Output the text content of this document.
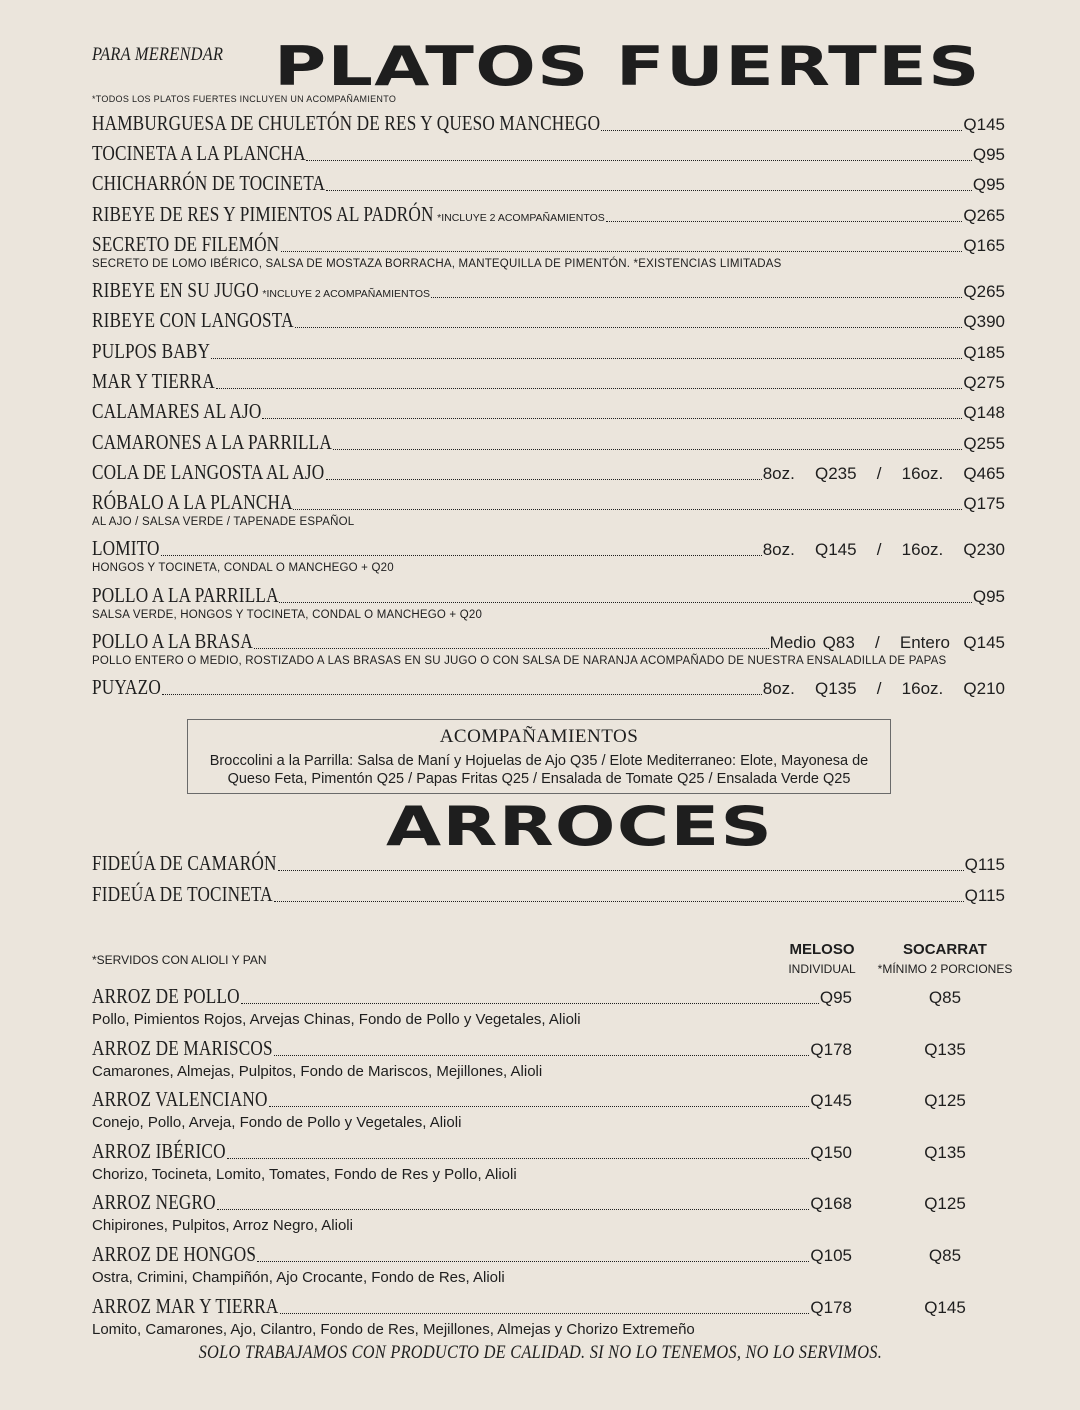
PARA MERENDAR PLATOS FUERTES
*TODOS LOS PLATOS FUERTES INCLUYEN UN ACOMPAÑAMIENTO
HAMBURGUESA DE CHULETÓN DE RES Y QUESO MANCHEGO	Q145
TOCINETA A LA PLANCHA	Q95
CHICHARRÓN DE TOCINETA	Q95
RIBEYE DE RES Y PIMIENTOS AL PADRÓN *INCLUYE 2 ACOMPAÑAMIENTOS	Q265
SECRETO DE FILEMÓN	Q165
SECRETO DE LOMO IBÉRICO, SALSA DE MOSTAZA BORRACHA, MANTEQUILLA DE PIMENTÓN. *EXISTENCIAS LIMITADAS
RIBEYE EN SU JUGO *INCLUYE 2 ACOMPAÑAMIENTOS	Q265
RIBEYE CON LANGOSTA	Q390
PULPOS BABY	Q185
MAR Y TIERRA	Q275
CALAMARES AL AJO	Q148
CAMARONES A LA PARRILLA	Q255
COLA DE LANGOSTA AL AJO	8oz.   Q235   /   16oz.   Q465
RÓBALO A LA PLANCHA	Q175
AL AJO / SALSA VERDE / TAPENADE ESPAÑOL
LOMITO	8oz.   Q145   /   16oz.   Q230
HONGOS Y TOCINETA, CONDAL O MANCHEGO + Q20
POLLO A LA PARRILLA	Q95
SALSA VERDE, HONGOS Y TOCINETA, CONDAL O MANCHEGO + Q20
POLLO A LA BRASA	Medio Q83   /   Entero  Q145
POLLO ENTERO O MEDIO, ROSTIZADO A LAS BRASAS EN SU JUGO O CON SALSA DE NARANJA ACOMPAÑADO DE NUESTRA ENSALADILLA DE PAPAS
PUYAZO	8oz.   Q135   /   16oz.   Q210
ACOMPAÑAMIENTOS
Broccolini a la Parrilla: Salsa de Maní y Hojuelas de Ajo Q35 / Elote Mediterraneo: Elote, Mayonesa de Queso Feta, Pimentón Q25 / Papas Fritas Q25 / Ensalada de Tomate Q25 / Ensalada Verde Q25
ARROCES
FIDEÚA DE CAMARÓN	Q115
FIDEÚA DE TOCINETA	Q115
*SERVIDOS CON ALIOLI Y PAN
MELOSO
INDIVIDUAL
SOCARRAT
*MÍNIMO 2 PORCIONES
ARROZ DE POLLO	Q95	Q85
Pollo, Pimientos Rojos, Arvejas Chinas, Fondo de Pollo y Vegetales, Alioli
ARROZ DE MARISCOS	Q178	Q135
Camarones, Almejas, Pulpitos, Fondo de Mariscos, Mejillones, Alioli
ARROZ VALENCIANO	Q145	Q125
Conejo, Pollo, Arveja, Fondo de Pollo y Vegetales, Alioli
ARROZ IBÉRICO	Q150	Q135
Chorizo, Tocineta, Lomito, Tomates, Fondo de Res y Pollo, Alioli
ARROZ NEGRO	Q168	Q125
Chipirones, Pulpitos, Arroz Negro, Alioli
ARROZ DE HONGOS	Q105	Q85
Ostra, Crimini, Champiñón, Ajo Crocante, Fondo de Res, Alioli
ARROZ MAR Y TIERRA	Q178	Q145
Lomito, Camarones, Ajo, Cilantro, Fondo de Res, Mejillones, Almejas y Chorizo Extremeño
SOLO TRABAJAMOS CON PRODUCTO DE CALIDAD. SI NO LO TENEMOS, NO LO SERVIMOS.
